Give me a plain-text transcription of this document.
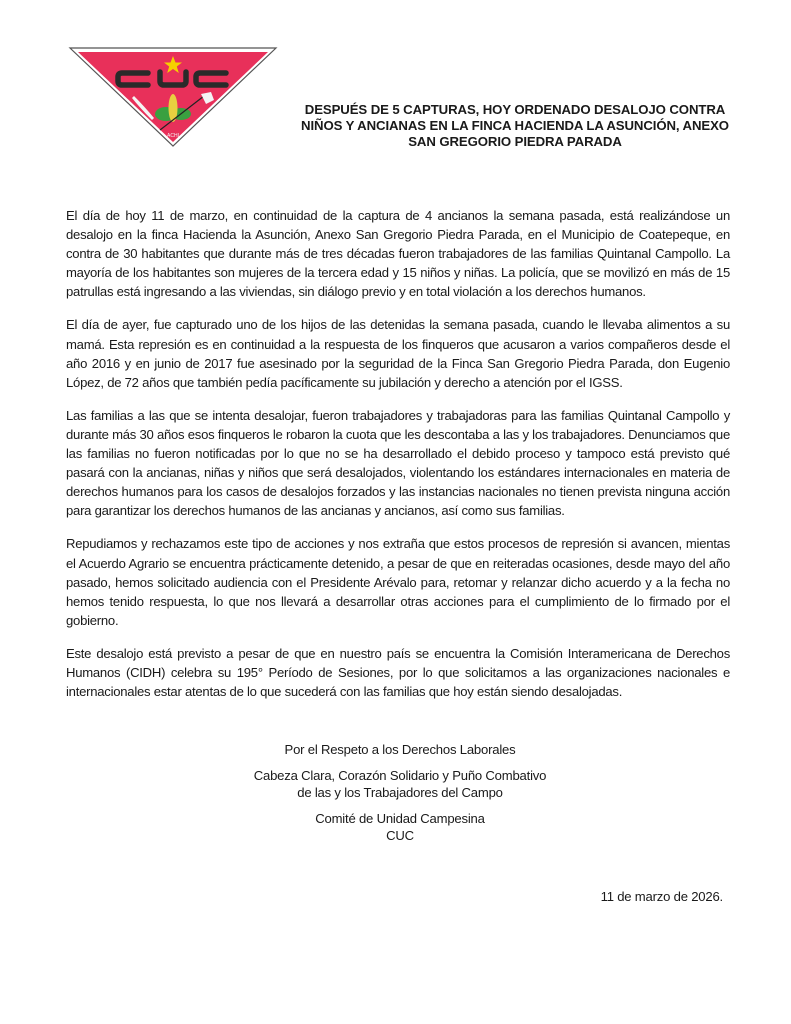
ACHI
DESPUÉS DE 5 CAPTURAS, HOY ORDENADO DESALOJO CONTRA
NIÑOS Y ANCIANAS EN LA FINCA HACIENDA LA ASUNCIÓN, ANEXO
SAN GREGORIO PIEDRA PARADA

El día de hoy 11 de marzo, en continuidad de la captura de 4 ancianos la semana pasada, está realizándose un desalojo en la finca Hacienda la Asunción, Anexo San Gregorio Piedra Parada, en el Municipio de Coatepeque, en contra de 30 habitantes que durante más de tres décadas fueron trabajadores de las familias Quintanal Campollo. La mayoría de los habitantes son mujeres de la tercera edad y 15 niños y niñas. La policía, que se movilizó en más de 15 patrullas está ingresando a las viviendas, sin diálogo previo y en total violación a los derechos humanos.

El día de ayer, fue capturado uno de los hijos de las detenidas la semana pasada, cuando le llevaba alimentos a su mamá. Esta represión es en continuidad a la respuesta de los finqueros que acusaron a varios compañeros desde el año 2016 y en junio de 2017 fue asesinado por la seguridad de la Finca San Gregorio Piedra Parada, don Eugenio López, de 72 años que también pedía pacíficamente su jubilación y derecho a atención por el IGSS.

Las familias a las que se intenta desalojar, fueron trabajadores y trabajadoras para las familias Quintanal Campollo y durante más 30 años esos finqueros le robaron la cuota que les descontaba a las y los trabajadores. Denunciamos que las familias no fueron notificadas por lo que no se ha desarrollado el debido proceso y tampoco está previsto qué pasará con la ancianas, niñas y niños que será desalojados, violentando los estándares internacionales en materia de derechos humanos para los casos de desalojos forzados y las instancias nacionales no tienen prevista ninguna acción para garantizar los derechos humanos de las ancianas y ancianos, así como sus familias.

Repudiamos y rechazamos este tipo de acciones y nos extraña que estos procesos de represión si avancen, mientas el Acuerdo Agrario se encuentra prácticamente detenido, a pesar de que en reiteradas ocasiones, desde mayo del año pasado, hemos solicitado audiencia con el Presidente Arévalo para, retomar y relanzar dicho acuerdo y a la fecha no hemos tenido respuesta, lo que nos llevará a desarrollar otras acciones para el cumplimiento de lo firmado por el gobierno.

Este desalojo está previsto a pesar de que en nuestro país se encuentra la Comisión Interamericana de Derechos Humanos (CIDH) celebra su 195° Período de Sesiones, por lo que solicitamos a las organizaciones nacionales e internacionales estar atentas de lo que sucederá con las familias que hoy están siendo desalojadas.

Por el Respeto a los Derechos Laborales
Cabeza Clara, Corazón Solidario y Puño Combativo
de las y los Trabajadores del Campo
Comité de Unidad Campesina
CUC
11 de marzo de 2026.
